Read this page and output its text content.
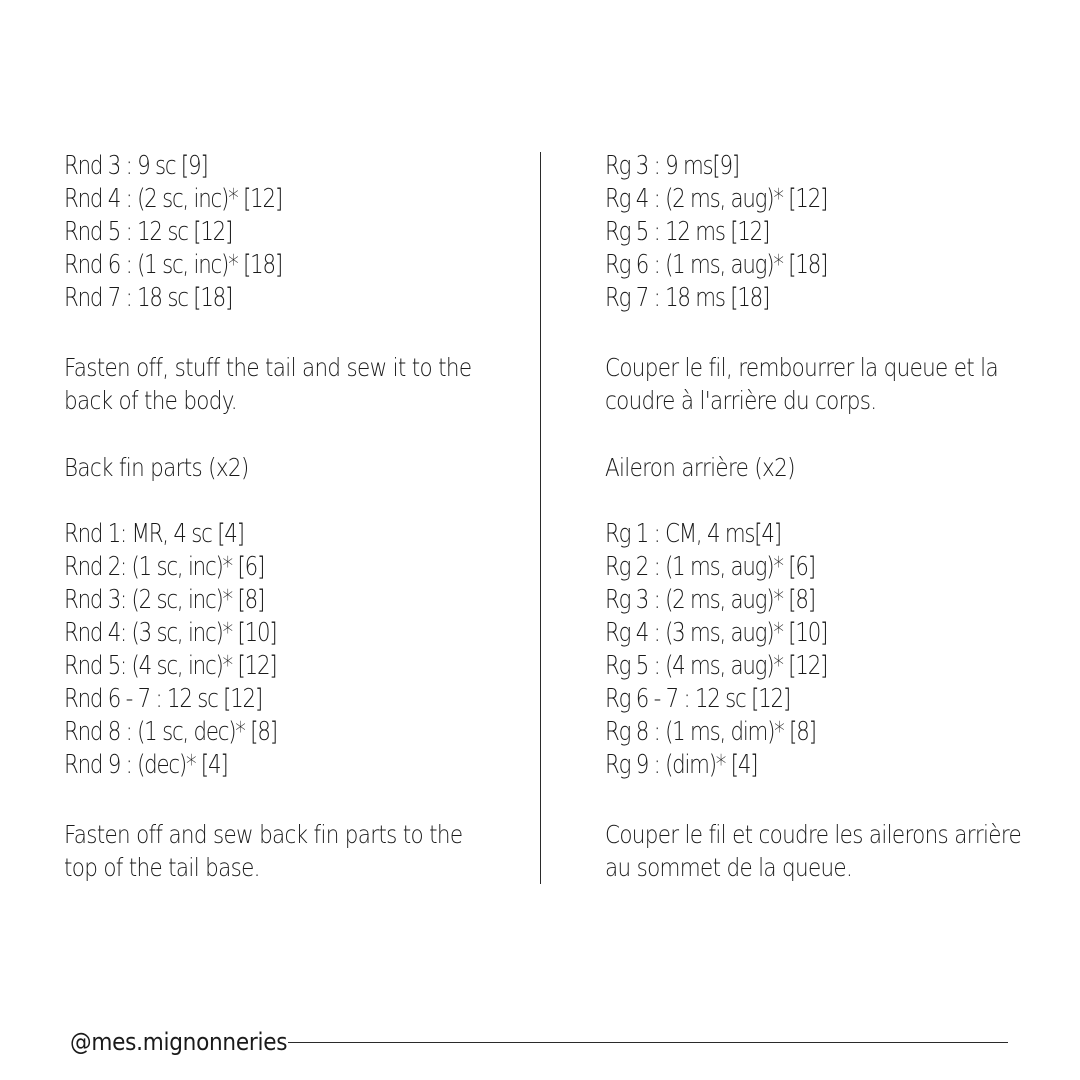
Rnd 3 : 9 sc [9]
Rnd 4 : (2 sc, inc)* [12]
Rnd 5 : 12 sc [12]
Rnd 6 : (1 sc, inc)* [18]
Rnd 7 : 18 sc [18]

Fasten off, stuff the tail and sew it to the back of the body.

Back fin parts (x2)

Rnd 1: MR, 4 sc [4]
Rnd 2: (1 sc, inc)* [6]
Rnd 3: (2 sc, inc)* [8]
Rnd 4: (3 sc, inc)* [10]
Rnd 5: (4 sc, inc)* [12]
Rnd 6 - 7 : 12 sc [12]
Rnd 8 : (1 sc, dec)* [8]
Rnd 9 : (dec)* [4]

Fasten off and sew back fin parts to the top of the tail base.

Rg 3 : 9 ms[9]
Rg 4 : (2 ms, aug)* [12]
Rg 5 : 12 ms [12]
Rg 6 : (1 ms, aug)* [18]
Rg 7 : 18 ms [18]

Couper le fil, rembourrer la queue et la coudre à l'arrière du corps.

Aileron arrière (x2)

Rg 1 : CM, 4 ms[4]
Rg 2 : (1 ms, aug)* [6]
Rg 3 : (2 ms, aug)* [8]
Rg 4 : (3 ms, aug)* [10]
Rg 5 : (4 ms, aug)* [12]
Rg 6 - 7 : 12 sc [12]
Rg 8 : (1 ms, dim)* [8]
Rg 9 : (dim)* [4]

Couper le fil et coudre les ailerons arrière au sommet de la queue.

@mes.mignonneries
